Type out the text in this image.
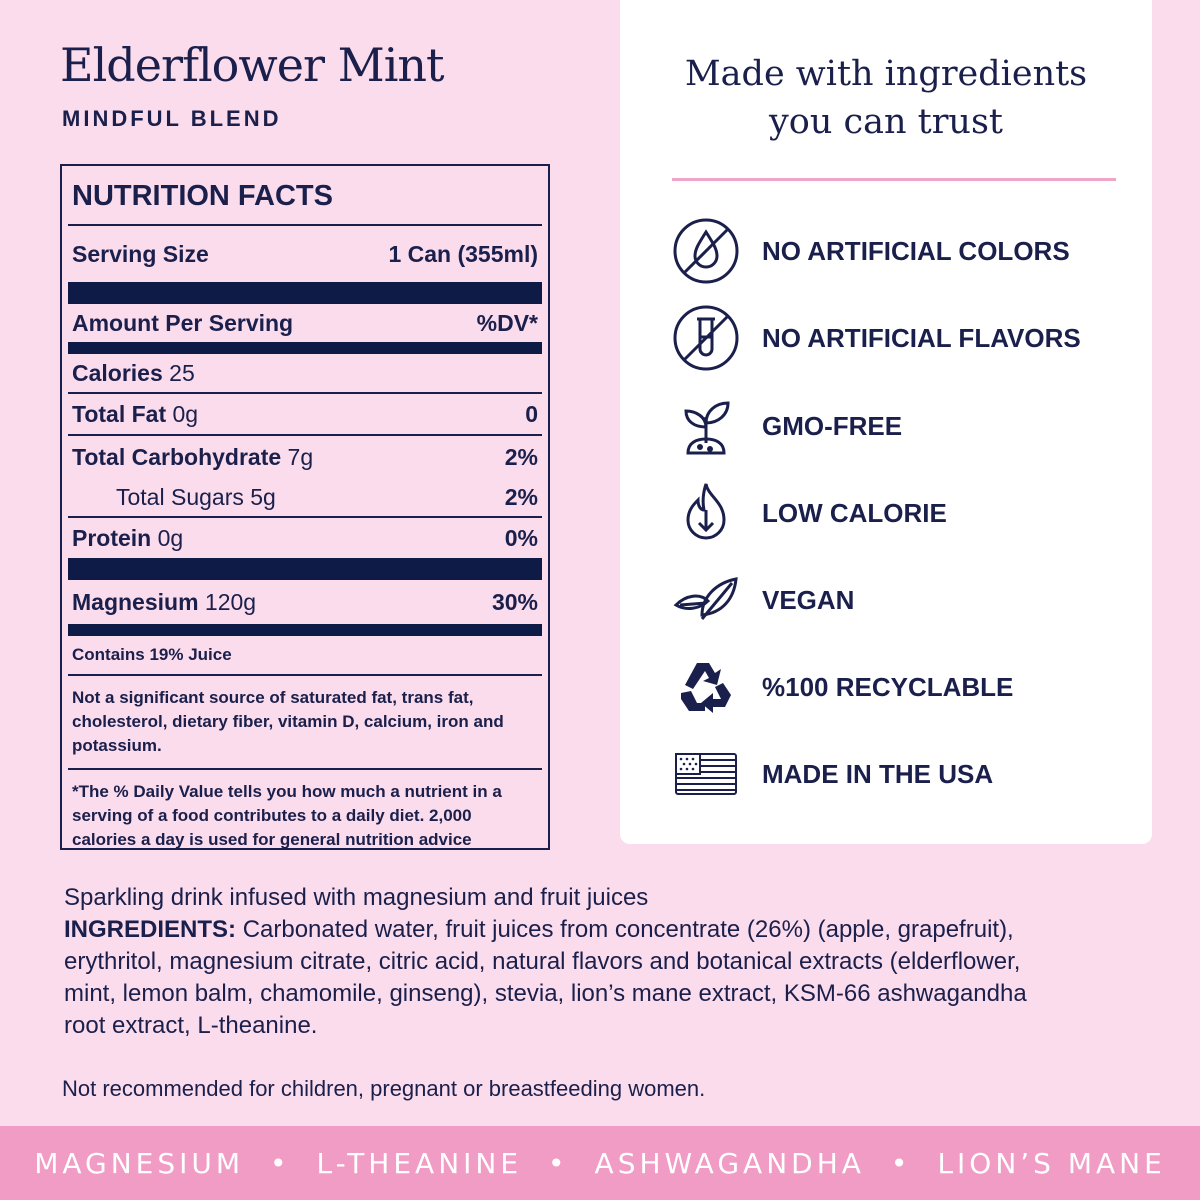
Elderflower Mint
MINDFUL BLEND
NUTRITION FACTS
Serving Size	1 Can (355ml)
Amount Per Serving	%DV*
Calories 25
Total Fat 0g	0
Total Carbohydrate 7g	2%
Total Sugars 5g	2%
Protein 0g	0%
Magnesium 120g	30%
Contains 19% Juice
Not a significant source of saturated fat, trans fat, cholesterol, dietary fiber, vitamin D, calcium, iron and potassium.
*The % Daily Value tells you how much a nutrient in a serving of a food contributes to a daily diet. 2,000 calories a day is used for general nutrition advice
Made with ingredients
you can trust
NO ARTIFICIAL COLORS
NO ARTIFICIAL FLAVORS
GMO-FREE
LOW CALORIE
VEGAN
%100 RECYCLABLE
MADE IN THE USA
Sparkling drink infused with magnesium and fruit juices
INGREDIENTS: Carbonated water, fruit juices from concentrate (26%) (apple, grapefruit), erythritol, magnesium citrate, citric acid, natural flavors and botanical extracts (elderflower, mint, lemon balm, chamomile, ginseng), stevia, lion’s mane extract, KSM-66 ashwagandha root extract, L-theanine.
Not recommended for children, pregnant or breastfeeding women.
MAGNESIUM • L-THEANINE • ASHWAGANDHA • LION’S MANE
